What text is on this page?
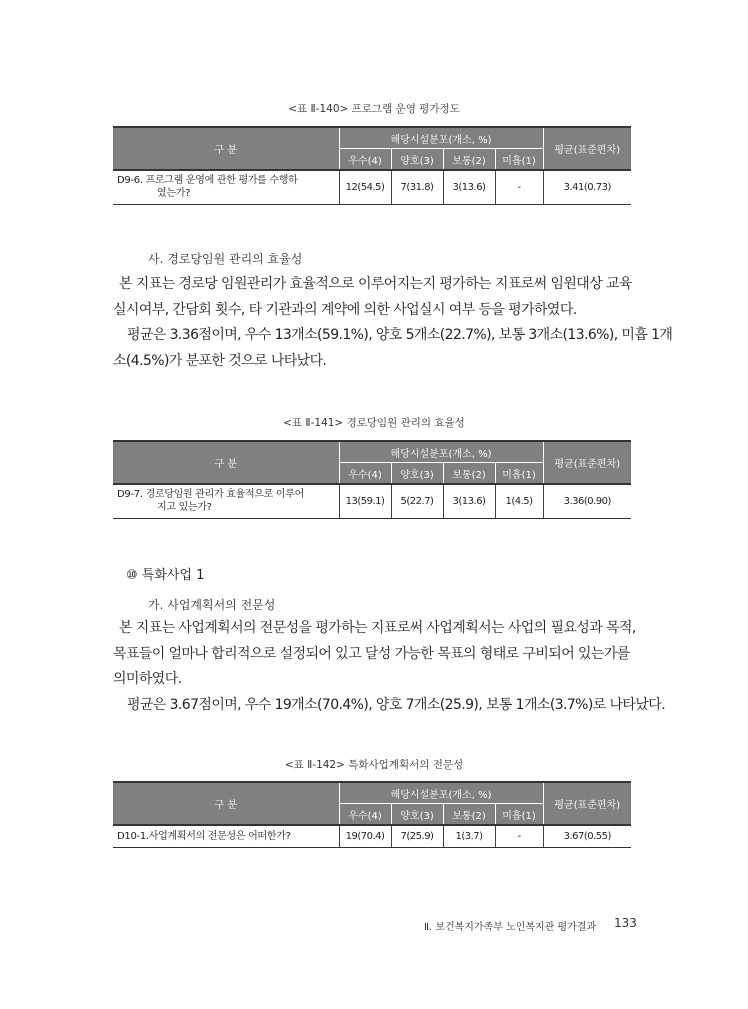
<표 Ⅱ-140> 프로그램 운영 평가정도
구 분	해당시설분포(개소, %)				평균(표준편차)
	우수(4)	양호(3)	보통(2)	미흡(1)	
D9-6. 프로그램 운영에 관한 평가를 수행하
였는가?	12(54.5)	7(31.8)	3(13.6)	-	3.41(0.73)
사. 경로당임원 관리의 효율성
본 지표는 경로당 임원관리가 효율적으로 이루어지는지 평가하는 지표로써 임원대상 교육
실시여부, 간담회 횟수, 타 기관과의 계약에 의한 사업실시 여부 등을 평가하였다.
평균은 3.36점이며, 우수 13개소(59.1%), 양호 5개소(22.7%), 보통 3개소(13.6%), 미흡 1개
소(4.5%)가 분포한 것으로 나타났다.
<표 Ⅱ-141> 경로당임원 관리의 효율성
구 분	해당시설분포(개소, %)				평균(표준편차)
	우수(4)	양호(3)	보통(2)	미흡(1)	
D9-7. 경로당임원 관리가 효율적으로 이루어
지고 있는가?	13(59.1)	5(22.7)	3(13.6)	1(4.5)	3.36(0.90)
⑩ 특화사업 1
가. 사업계획서의 전문성
본 지표는 사업계획서의 전문성을 평가하는 지표로써 사업계획서는 사업의 필요성과 목적,
목표들이 얼마나 합리적으로 설정되어 있고 달성 가능한 목표의 형태로 구비되어 있는가를
의미하였다.
평균은 3.67점이며, 우수 19개소(70.4%), 양호 7개소(25.9), 보통 1개소(3.7%)로 나타났다.
<표 Ⅱ-142> 특화사업계획서의 전문성
구 분	해당시설분포(개소, %)				평균(표준편차)
	우수(4)	양호(3)	보통(2)	미흡(1)	
D10-1.사업계획서의 전문성은 어떠한가?	19(70.4)	7(25.9)	1(3.7)	-	3.67(0.55)
Ⅱ. 보건복지가족부 노인복지관 평가결과 133
